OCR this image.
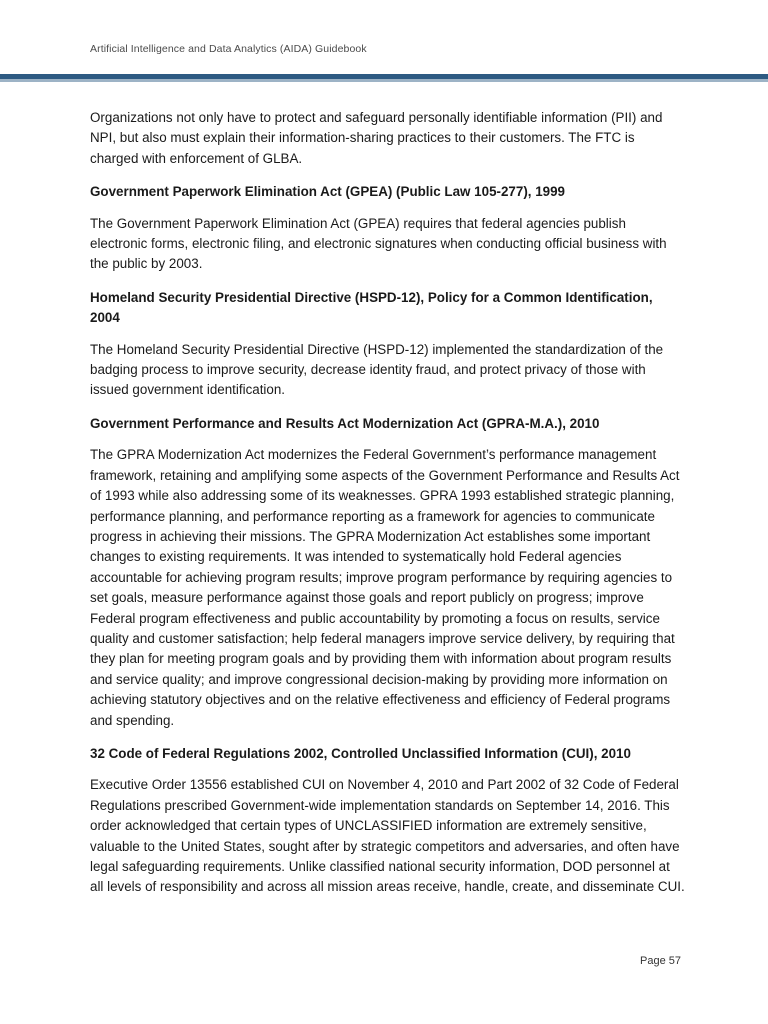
Artificial Intelligence and Data Analytics (AIDA) Guidebook

Organizations not only have to protect and safeguard personally identifiable information (PII) and NPI, but also must explain their information-sharing practices to their customers. The FTC is charged with enforcement of GLBA.

Government Paperwork Elimination Act (GPEA) (Public Law 105-277), 1999

The Government Paperwork Elimination Act (GPEA) requires that federal agencies publish electronic forms, electronic filing, and electronic signatures when conducting official business with the public by 2003.

Homeland Security Presidential Directive (HSPD-12), Policy for a Common Identification, 2004

The Homeland Security Presidential Directive (HSPD-12) implemented the standardization of the badging process to improve security, decrease identity fraud, and protect privacy of those with issued government identification.

Government Performance and Results Act Modernization Act (GPRA-M.A.), 2010

The GPRA Modernization Act modernizes the Federal Government’s performance management framework, retaining and amplifying some aspects of the Government Performance and Results Act of 1993 while also addressing some of its weaknesses. GPRA 1993 established strategic planning, performance planning, and performance reporting as a framework for agencies to communicate progress in achieving their missions. The GPRA Modernization Act establishes some important changes to existing requirements. It was intended to systematically hold Federal agencies accountable for achieving program results; improve program performance by requiring agencies to set goals, measure performance against those goals and report publicly on progress; improve Federal program effectiveness and public accountability by promoting a focus on results, service quality and customer satisfaction; help federal managers improve service delivery, by requiring that they plan for meeting program goals and by providing them with information about program results and service quality; and improve congressional decision-making by providing more information on achieving statutory objectives and on the relative effectiveness and efficiency of Federal programs and spending.

32 Code of Federal Regulations 2002, Controlled Unclassified Information (CUI), 2010

Executive Order 13556 established CUI on November 4, 2010 and Part 2002 of 32 Code of Federal Regulations prescribed Government-wide implementation standards on September 14, 2016. This order acknowledged that certain types of UNCLASSIFIED information are extremely sensitive, valuable to the United States, sought after by strategic competitors and adversaries, and often have legal safeguarding requirements. Unlike classified national security information, DOD personnel at all levels of responsibility and across all mission areas receive, handle, create, and disseminate CUI.

Page 57
